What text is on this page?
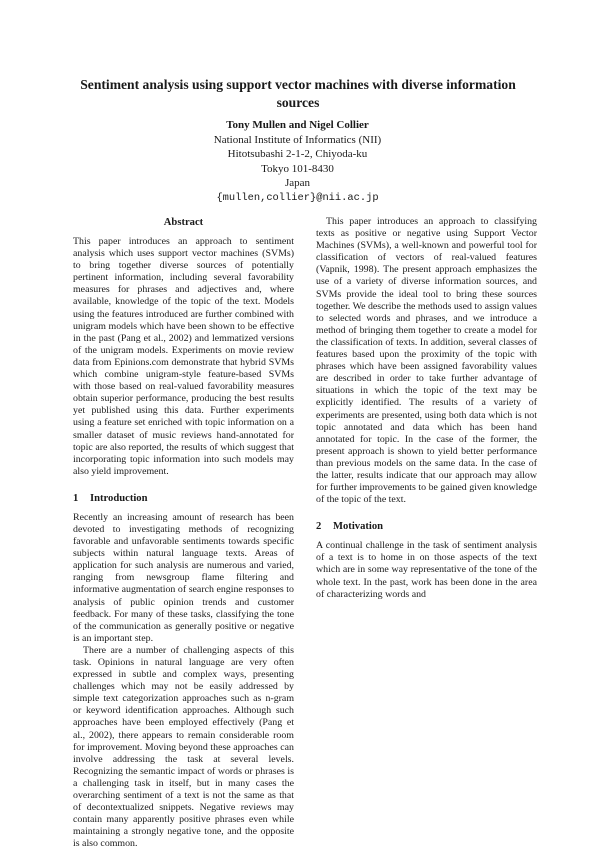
Sentiment analysis using support vector machines with diverse information sources
Tony Mullen and Nigel Collier
National Institute of Informatics (NII)
Hitotsubashi 2-1-2, Chiyoda-ku
Tokyo 101-8430
Japan
{mullen,collier}@nii.ac.jp
Abstract

This paper introduces an approach to sentiment analysis which uses support vector machines (SVMs) to bring together diverse sources of potentially pertinent information, including several favorability measures for phrases and adjectives and, where available, knowledge of the topic of the text. Models using the features introduced are further combined with unigram models which have been shown to be effective in the past (Pang et al., 2002) and lemmatized versions of the unigram models. Experiments on movie review data from Epinions.com demonstrate that hybrid SVMs which combine unigram-style feature-based SVMs with those based on real-valued favorability measures obtain superior performance, producing the best results yet published using this data. Further experiments using a feature set enriched with topic information on a smaller dataset of music reviews hand-annotated for topic are also reported, the results of which suggest that incorporating topic information into such models may also yield improvement.

1 Introduction

Recently an increasing amount of research has been devoted to investigating methods of recognizing favorable and unfavorable sentiments towards specific subjects within natural language texts. Areas of application for such analysis are numerous and varied, ranging from newsgroup flame filtering and informative augmentation of search engine responses to analysis of public opinion trends and customer feedback. For many of these tasks, classifying the tone of the communication as generally positive or negative is an important step.

There are a number of challenging aspects of this task. Opinions in natural language are very often expressed in subtle and complex ways, presenting challenges which may not be easily addressed by simple text categorization approaches such as n-gram or keyword identification approaches. Although such approaches have been employed effectively (Pang et al., 2002), there appears to remain considerable room for improvement. Moving beyond these approaches can involve addressing the task at several levels. Recognizing the semantic impact of words or phrases is a challenging task in itself, but in many cases the overarching sentiment of a text is not the same as that of decontextualized snippets. Negative reviews may contain many apparently positive phrases even while maintaining a strongly negative tone, and the opposite is also common.

This paper introduces an approach to classifying texts as positive or negative using Support Vector Machines (SVMs), a well-known and powerful tool for classification of vectors of real-valued features (Vapnik, 1998). The present approach emphasizes the use of a variety of diverse information sources, and SVMs provide the ideal tool to bring these sources together. We describe the methods used to assign values to selected words and phrases, and we introduce a method of bringing them together to create a model for the classification of texts. In addition, several classes of features based upon the proximity of the topic with phrases which have been assigned favorability values are described in order to take further advantage of situations in which the topic of the text may be explicitly identified. The results of a variety of experiments are presented, using both data which is not topic annotated and data which has been hand annotated for topic. In the case of the former, the present approach is shown to yield better performance than previous models on the same data. In the case of the latter, results indicate that our approach may allow for further improvements to be gained given knowledge of the topic of the text.

2 Motivation

A continual challenge in the task of sentiment analysis of a text is to home in on those aspects of the text which are in some way representative of the tone of the whole text. In the past, work has been done in the area of characterizing words and
